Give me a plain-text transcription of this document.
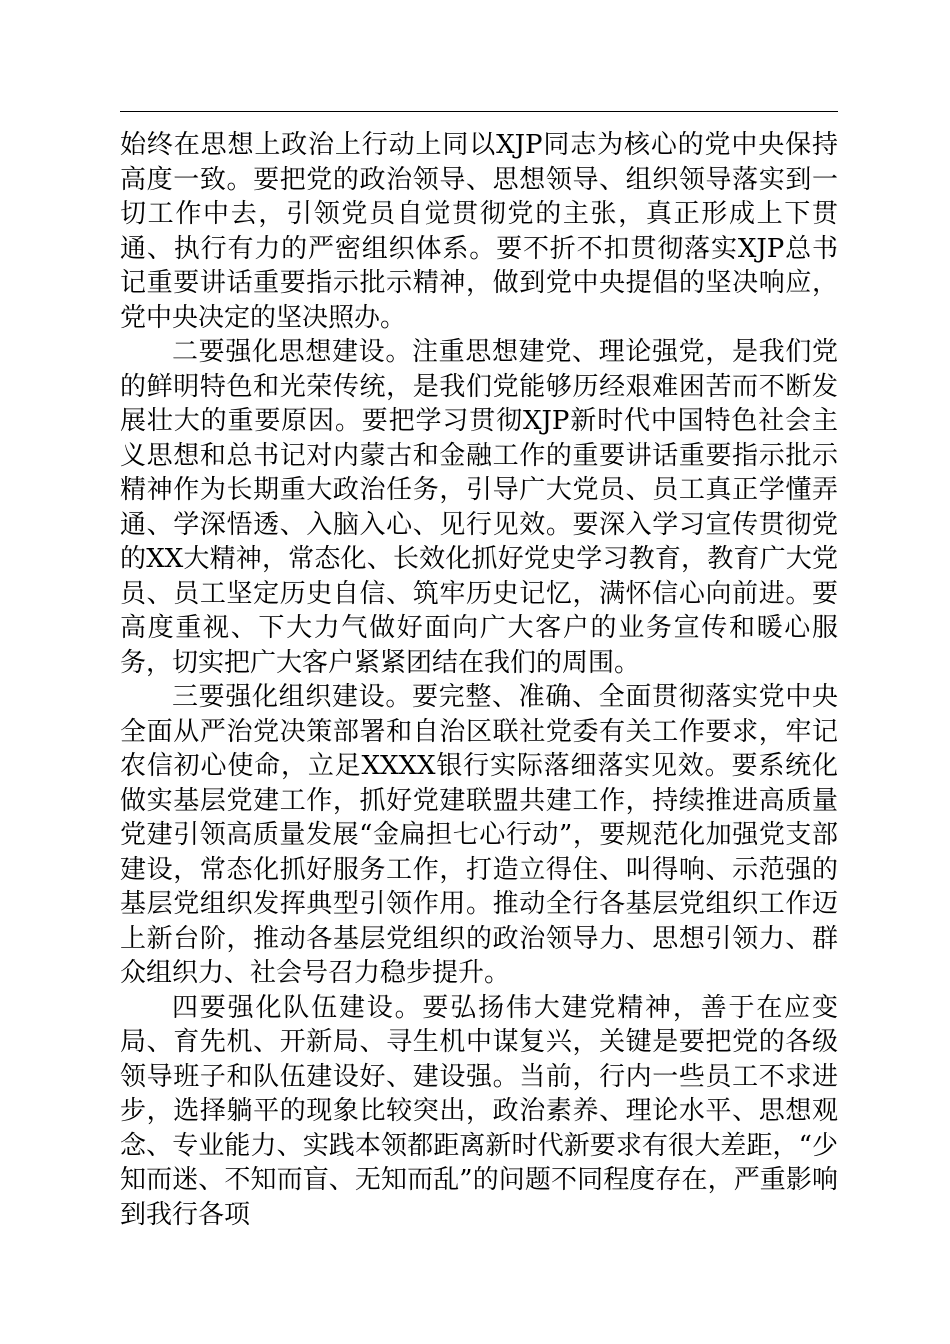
始终在思想上政治上行动上同以XJP同志为核心的党中央保持高度一致。要把党的政治领导、思想领导、组织领导落实到一切工作中去，引领党员自觉贯彻党的主张，真正形成上下贯通、执行有力的严密组织体系。要不折不扣贯彻落实XJP总书记重要讲话重要指示批示精神，做到党中央提倡的坚决响应，党中央决定的坚决照办。

二要强化思想建设。注重思想建党、理论强党，是我们党的鲜明特色和光荣传统，是我们党能够历经艰难困苦而不断发展壮大的重要原因。要把学习贯彻XJP新时代中国特色社会主义思想和总书记对内蒙古和金融工作的重要讲话重要指示批示精神作为长期重大政治任务，引导广大党员、员工真正学懂弄通、学深悟透、入脑入心、见行见效。要深入学习宣传贯彻党的XX大精神，常态化、长效化抓好党史学习教育，教育广大党员、员工坚定历史自信、筑牢历史记忆，满怀信心向前进。要高度重视、下大力气做好面向广大客户的业务宣传和暖心服务，切实把广大客户紧紧团结在我们的周围。

三要强化组织建设。要完整、准确、全面贯彻落实党中央全面从严治党决策部署和自治区联社党委有关工作要求，牢记农信初心使命，立足XXXX银行实际落细落实见效。要系统化做实基层党建工作，抓好党建联盟共建工作，持续推进高质量党建引领高质量发展“金扁担七心行动”，要规范化加强党支部建设，常态化抓好服务工作，打造立得住、叫得响、示范强的基层党组织发挥典型引领作用。推动全行各基层党组织工作迈上新台阶，推动各基层党组织的政治领导力、思想引领力、群众组织力、社会号召力稳步提升。

四要强化队伍建设。要弘扬伟大建党精神，善于在应变局、育先机、开新局、寻生机中谋复兴，关键是要把党的各级领导班子和队伍建设好、建设强。当前，行内一些员工不求进步，选择躺平的现象比较突出，政治素养、理论水平、思想观念、专业能力、实践本领都距离新时代新要求有很大差距，“少知而迷、不知而盲、无知而乱”的问题不同程度存在，严重影响到我行各项
